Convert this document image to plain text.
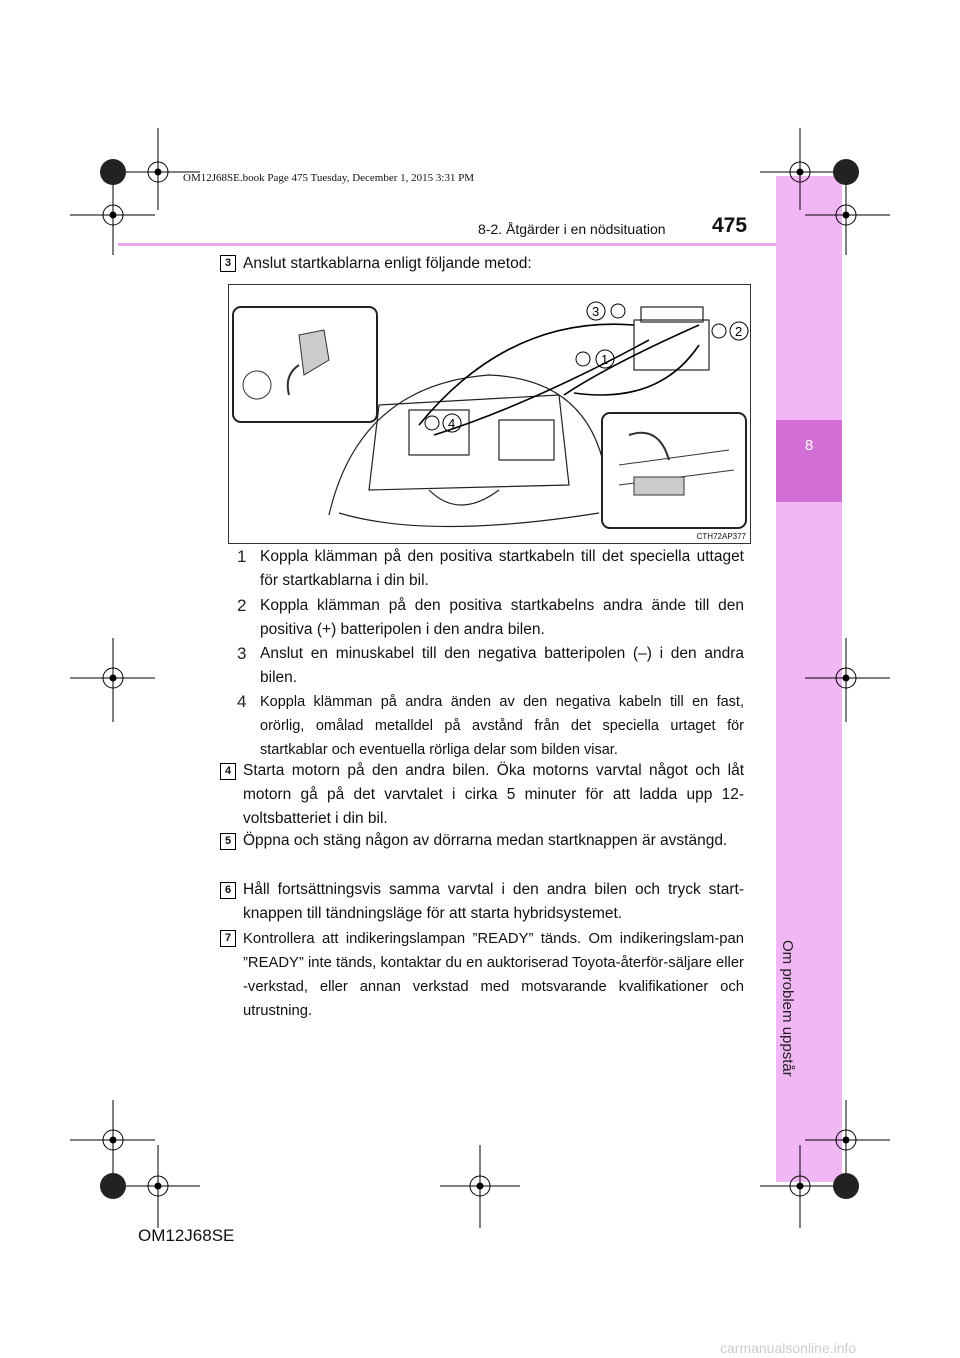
8
Om problem uppstår
OM12J68SE.book Page 475 Tuesday, December 1, 2015 3:31 PM
8-2. Åtgärder i en nödsituation 475
3 Anslut startkablarna enligt följande metod:
1
2
3
4
CTH72AP377
1 Koppla klämman på den positiva startkabeln till det speciella uttaget för startkablarna i din bil.
2 Koppla klämman på den positiva startkabelns andra ände till den positiva (+) batteripolen i den andra bilen.
3 Anslut en minuskabel till den negativa batteripolen (–) i den andra bilen.
4 Koppla klämman på andra änden av den negativa kabeln till en fast, orörlig, omålad metalldel på avstånd från det speciella urtaget för startkablar och eventuella rörliga delar som bilden visar.
4 Starta motorn på den andra bilen. Öka motorns varvtal något och låt motorn gå på det varvtalet i cirka 5 minuter för att ladda upp 12-voltsbatteriet i din bil.
5 Öppna och stäng någon av dörrarna medan startknappen är avstängd.
6 Håll fortsättningsvis samma varvtal i den andra bilen och tryck start-knappen till tändningsläge för att starta hybridsystemet.
7 Kontrollera att indikeringslampan ”READY” tänds. Om indikeringslam-pan ”READY” inte tänds, kontaktar du en auktoriserad Toyota-återför-säljare eller -verkstad, eller annan verkstad med motsvarande kvalifikationer och utrustning.
OM12J68SE
carmanualsonline.info
